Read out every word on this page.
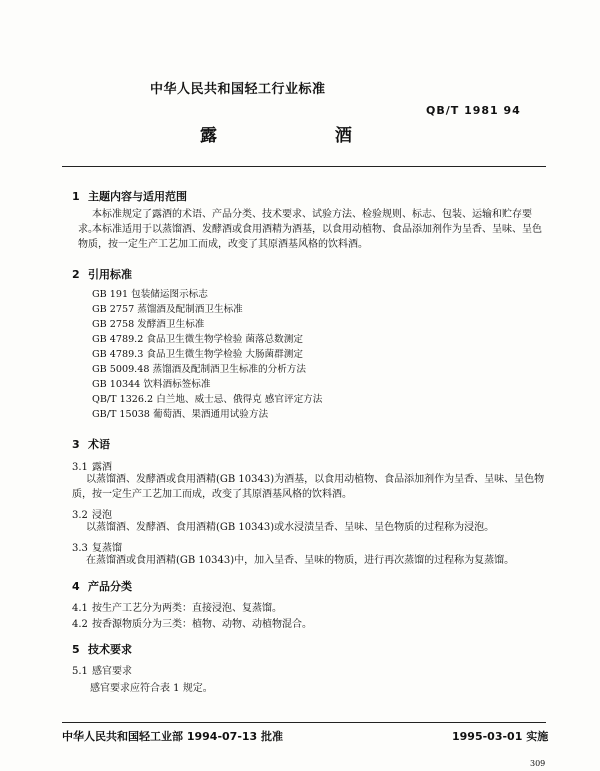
中华人民共和国轻工行业标准
QB/T 1981 94
露 酒
1 主题内容与适用范围
本标准规定了露酒的术语、产品分类、技术要求、试验方法、检验规则、标志、包装、运输和贮存要求。
本标准适用于以蒸馏酒、发酵酒或食用酒精为酒基，以食用动植物、食品添加剂作为呈香、呈味、呈色物质，按一定生产工艺加工而成，改变了其原酒基风格的饮料酒。
2 引用标准
GB 191 包装储运图示标志
GB 2757 蒸馏酒及配制酒卫生标准
GB 2758 发酵酒卫生标准
GB 4789.2 食品卫生微生物学检验 菌落总数测定
GB 4789.3 食品卫生微生物学检验 大肠菌群测定
GB 5009.48 蒸馏酒及配制酒卫生标准的分析方法
GB 10344 饮料酒标签标准
QB/T 1326.2 白兰地、威士忌、俄得克 感官评定方法
GB/T 15038 葡萄酒、果酒通用试验方法
3 术语
3.1 露酒
以蒸馏酒、发酵酒或食用酒精(GB 10343)为酒基，以食用动植物、食品添加剂作为呈香、呈味、呈色物质，按一定生产工艺加工而成，改变了其原酒基风格的饮料酒。
3.2 浸泡
以蒸馏酒、发酵酒、食用酒精(GB 10343)或水浸渍呈香、呈味、呈色物质的过程称为浸泡。
3.3 复蒸馏
在蒸馏酒或食用酒精(GB 10343)中，加入呈香、呈味的物质，进行再次蒸馏的过程称为复蒸馏。
4 产品分类
4.1 按生产工艺分为两类：直接浸泡、复蒸馏。
4.2 按香源物质分为三类：植物、动物、动植物混合。
5 技术要求
5.1 感官要求
感官要求应符合表 1 规定。
中华人民共和国轻工业部 1994-07-13 批准	1995-03-01 实施
309
